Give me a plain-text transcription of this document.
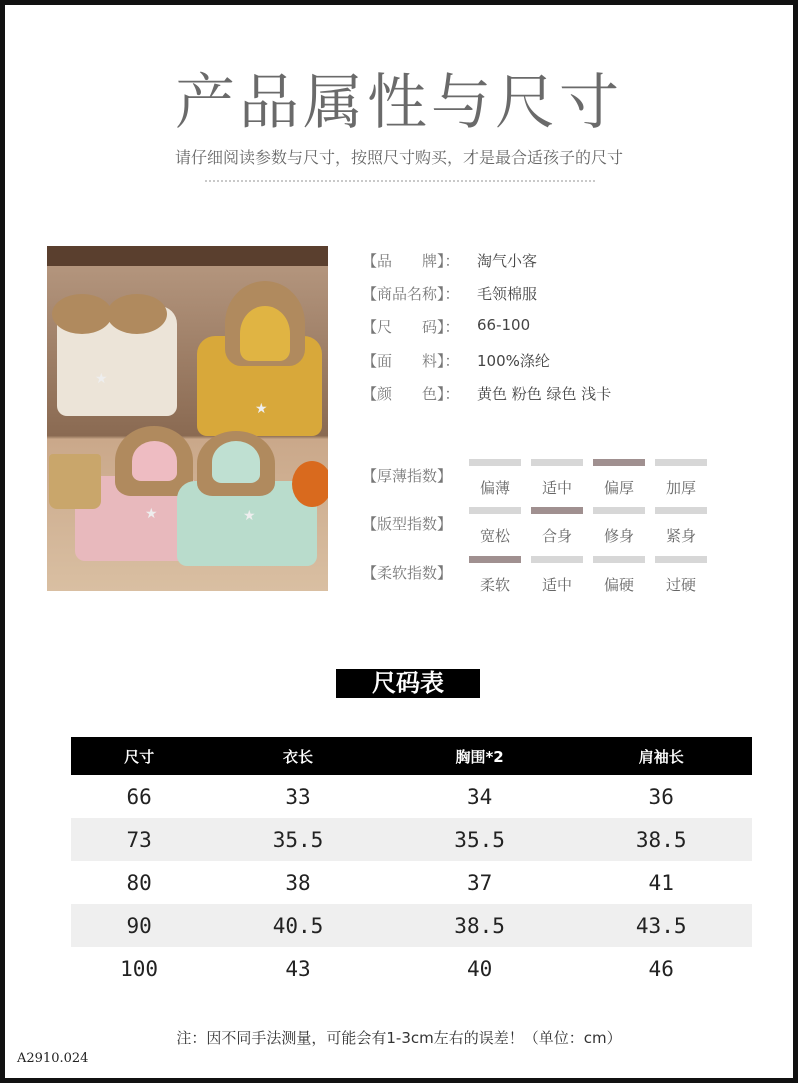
产品属性与尺寸
请仔细阅读参数与尺寸，按照尺寸购买，才是最合适孩子的尺寸
★
★
★	★
【品　　牌】：	淘气小客
【商品名称】：	毛领棉服
【尺　　码】：	66-100
【面　　料】：	100%涤纶
【颜　　色】：	黄色 粉色 绿色 浅卡
【厚薄指数】
偏薄	适中	偏厚	加厚
【版型指数】
宽松	合身	修身	紧身
【柔软指数】
柔软	适中	偏硬	过硬
尺码表
尺寸	衣长	胸围*2	肩袖长
66	33	34	36
73	35.5	35.5	38.5
80	38	37	41
90	40.5	38.5	43.5
100	43	40	46
注：因不同手法测量，可能会有1-3cm左右的误差！（单位：cm）
A2910.024
